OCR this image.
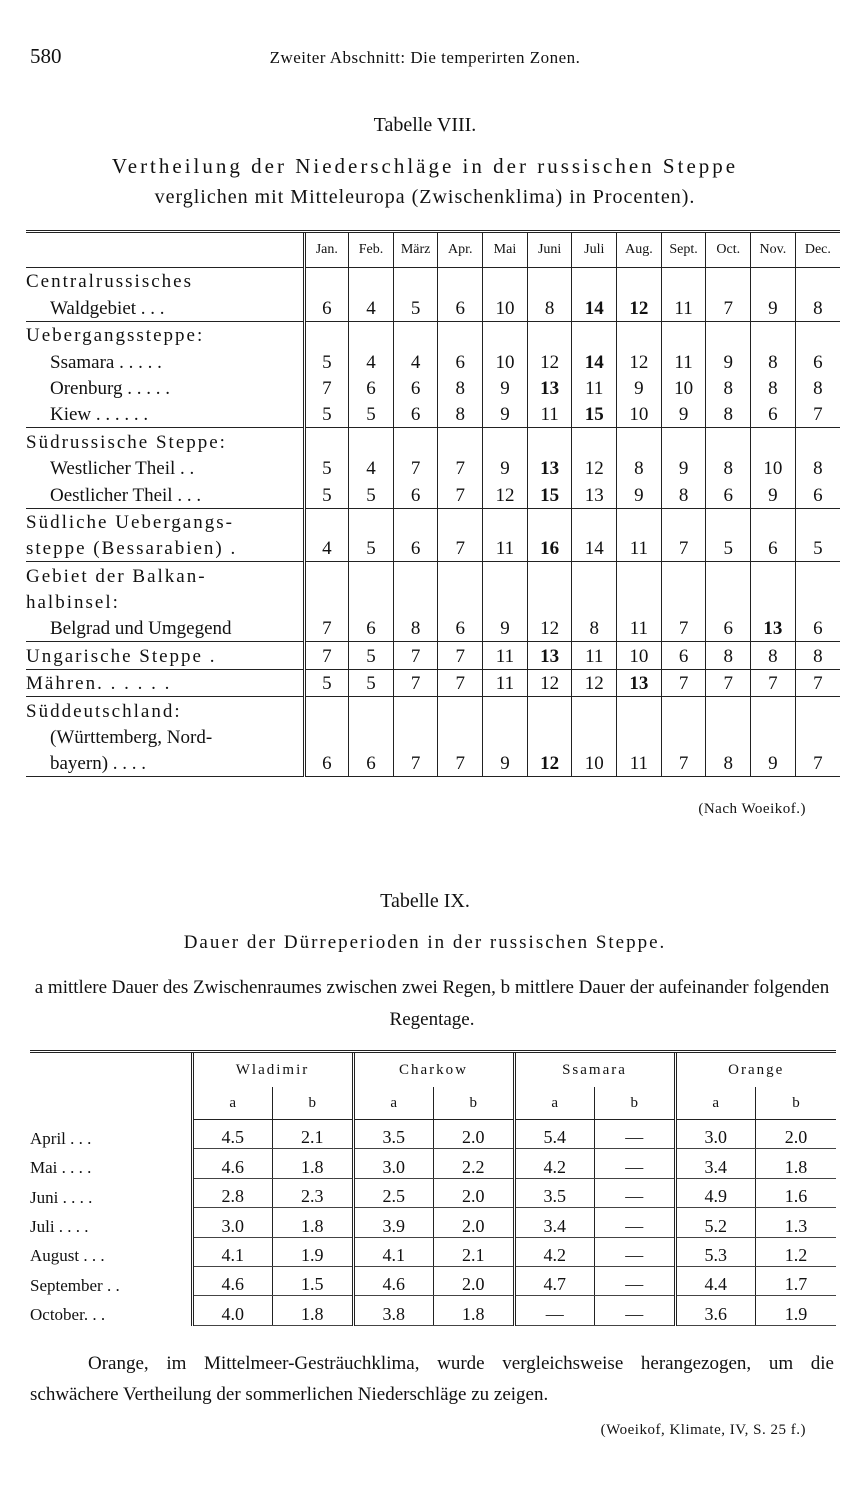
580	Zweiter Abschnitt: Die temperirten Zonen.
Tabelle VIII.
Vertheilung der Niederschläge in der russischen Steppe
verglichen mit Mitteleuropa (Zwischenklima) in Procenten).
	Jan.	Feb.	März	Apr.	Mai	Juni	Juli	Aug.	Sept.	Oct.	Nov.	Dec.
Centralrussisches												
Waldgebiet . . .	6	4	5	6	10	8	14	12	11	7	9	8
Uebergangssteppe:												
Ssamara . . . . .	5	4	4	6	10	12	14	12	11	9	8	6
Orenburg . . . . .	7	6	6	8	9	13	11	9	10	8	8	8
Kiew . . . . . .	5	5	6	8	9	11	15	10	9	8	6	7
Südrussische Steppe:												
Westlicher Theil . .	5	4	7	7	9	13	12	8	9	8	10	8
Oestlicher Theil . . .	5	5	6	7	12	15	13	9	8	6	9	6
Südliche Uebergangs-												
steppe (Bessarabien) .	4	5	6	7	11	16	14	11	7	5	6	5
Gebiet der Balkan-												
halbinsel:												
Belgrad und Umgegend	7	6	8	6	9	12	8	11	7	6	13	6
Ungarische Steppe .	7	5	7	7	11	13	11	10	6	8	8	8
Mähren. . . . . .	5	5	7	7	11	12	12	13	7	7	7	7
Süddeutschland:												
(Württemberg, Nord-												
bayern) . . . .	6	6	7	7	9	12	10	11	7	8	9	7
(Nach Woeikof.)
Tabelle IX.
Dauer der Dürreperioden in der russischen Steppe.
a mittlere Dauer des Zwischenraumes zwischen zwei Regen, b mittlere Dauer der aufeinander folgenden Regentage.
	Wladimir		Charkow		Ssamara		Orange	
	a	b	a	b	a	b	a	b
April . . .	4.5	2.1	3.5	2.0	5.4	—	3.0	2.0
Mai . . . .	4.6	1.8	3.0	2.2	4.2	—	3.4	1.8
Juni . . . .	2.8	2.3	2.5	2.0	3.5	—	4.9	1.6
Juli . . . .	3.0	1.8	3.9	2.0	3.4	—	5.2	1.3
August . . .	4.1	1.9	4.1	2.1	4.2	—	5.3	1.2
September . .	4.6	1.5	4.6	2.0	4.7	—	4.4	1.7
October. . .	4.0	1.8	3.8	1.8	—	—	3.6	1.9
Orange, im Mittelmeer-Gesträuchklima, wurde vergleichsweise herangezogen, um die schwächere Vertheilung der sommerlichen Niederschläge zu zeigen.
(Woeikof, Klimate, IV, S. 25 f.)
